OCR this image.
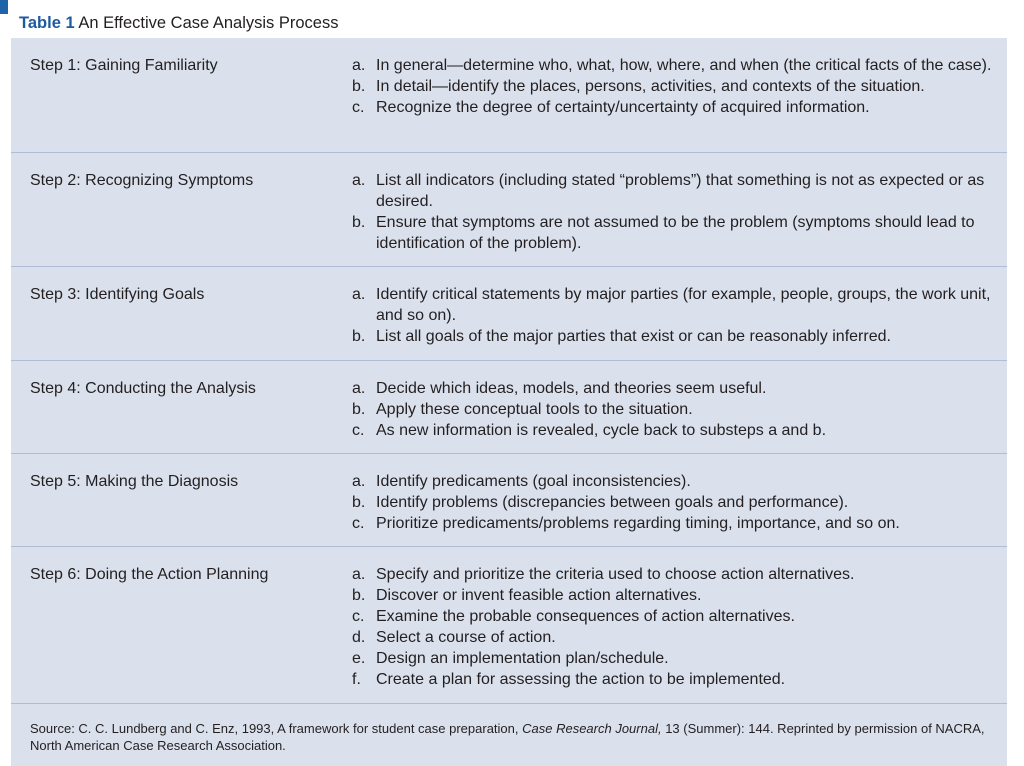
Table 1 An Effective Case Analysis Process
Step 1: Gaining Familiarity	a. In general—determine who, what, how, where, and when (the critical facts of the case).
b. In detail—identify the places, persons, activities, and contexts of the situation.
c. Recognize the degree of certainty/uncertainty of acquired information.
Step 2: Recognizing Symptoms	a. List all indicators (including stated “problems”) that something is not as expected or as desired.
b. Ensure that symptoms are not assumed to be the problem (symptoms should lead to identification of the problem).
Step 3: Identifying Goals	a. Identify critical statements by major parties (for example, people, groups, the work unit, and so on).
b. List all goals of the major parties that exist or can be reasonably inferred.
Step 4: Conducting the Analysis	a. Decide which ideas, models, and theories seem useful.
b. Apply these conceptual tools to the situation.
c. As new information is revealed, cycle back to substeps a and b.
Step 5: Making the Diagnosis	a. Identify predicaments (goal inconsistencies).
b. Identify problems (discrepancies between goals and performance).
c. Prioritize predicaments/problems regarding timing, importance, and so on.
Step 6: Doing the Action Planning	a. Specify and prioritize the criteria used to choose action alternatives.
b. Discover or invent feasible action alternatives.
c. Examine the probable consequences of action alternatives.
d. Select a course of action.
e. Design an implementation plan/schedule.
f. Create a plan for assessing the action to be implemented.
Source: C. C. Lundberg and C. Enz, 1993, A framework for student case preparation, Case Research Journal, 13 (Summer): 144. Reprinted by permission of NACRA, North American Case Research Association.
